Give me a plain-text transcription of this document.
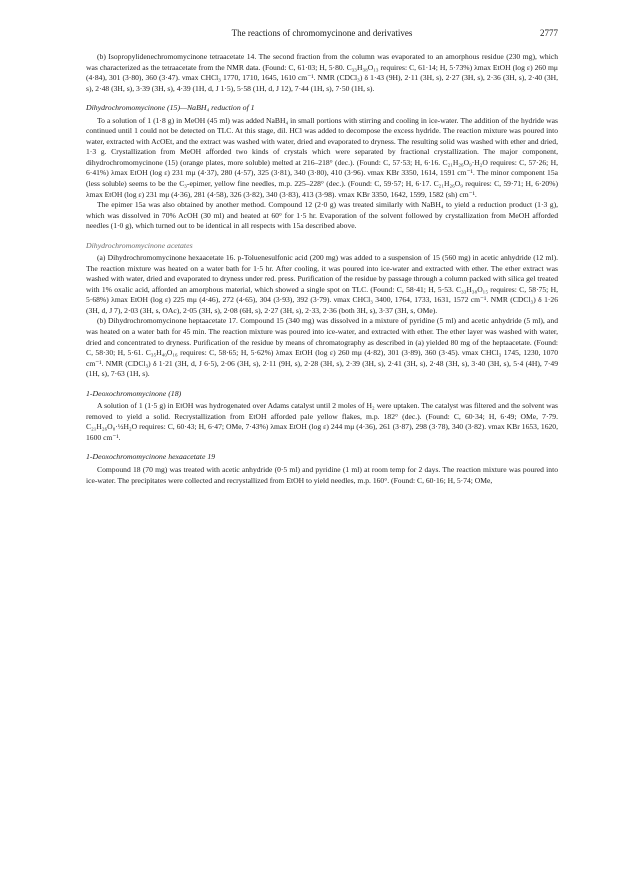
The reactions of chromomycinone and derivatives	2777

(b) Isopropylidenechromomycinone tetraacetate 14. The second fraction from the column was evaporated to an amorphous residue (230 mg), which was characterized as the tetraacetate from the NMR data. (Found: C, 61·03; H, 5·80. C₃₃H₃₈O₁₃ requires: C, 61·14; H, 5·73%) λmax EtOH (log ε) 260 mμ (4·84), 301 (3·80), 360 (3·47). νmax CHCl₃ 1770, 1710, 1645, 1610 cm⁻¹. NMR (CDCl₃) δ 1·43 (9H), 2·11 (3H, s), 2·27 (3H, s), 2·36 (3H, s), 2·40 (3H, s), 2·48 (3H, s), 3·39 (3H, s), 4·39 (1H, d, J 1·5), 5·58 (1H, d, J 12), 7·44 (1H, s), 7·50 (1H, s).

Dihydrochromomycinone (15)—NaBH₄ reduction of 1

To a solution of 1 (1·8 g) in MeOH (45 ml) was added NaBH₄ in small portions with stirring and cooling in ice-water. The addition of the hydride was continued until 1 could not be detected on TLC. At this stage, dil. HCl was added to decompose the excess hydride. The reaction mixture was poured into water, extracted with AcOEt, and the extract was washed with water, dried and evaporated to dryness. The resulting solid was washed with ether and dried, 1·3 g. Crystallization from MeOH afforded two kinds of crystals which were separated by fractional crystallization. The major component, dihydrochromomycinone (15) (orange plates, more soluble) melted at 216–218° (dec.). (Found: C, 57·53; H, 6·16. C₂₁H₂₆O₉·H₂O requires: C, 57·26; H, 6·41%) λmax EtOH (log ε) 231 mμ (4·37), 280 (4·57), 325 (3·81), 340 (3·80), 410 (3·96). νmax KBr 3350, 1614, 1591 cm⁻¹. The minor component 15a (less soluble) seems to be the C₃-epimer, yellow fine needles, m.p. 225–228° (dec.). (Found: C, 59·57; H, 6·17. C₂₁H₂₆O₉ requires: C, 59·71; H, 6·20%) λmax EtOH (log ε) 231 mμ (4·36), 281 (4·58), 326 (3·82), 340 (3·83), 413 (3·98). νmax KBr 3350, 1642, 1599, 1582 (sh) cm⁻¹.

The epimer 15a was also obtained by another method. Compound 12 (2·0 g) was treated similarly with NaBH₄ to yield a reduction product (1·3 g), which was dissolved in 70% AcOH (30 ml) and heated at 60° for 1·5 hr. Evaporation of the solvent followed by crystallization from MeOH afforded needles (1·0 g), which turned out to be identical in all respects with 15a described above.

Dihydrochromomycinone acetates

(a) Dihydrochromomycinone hexaacetate 16. p-Toluenesulfonic acid (200 mg) was added to a suspension of 15 (560 mg) in acetic anhydride (12 ml). The reaction mixture was heated on a water bath for 1·5 hr. After cooling, it was poured into ice-water and extracted with ether. The ether extract was washed with water, dried and evaporated to dryness under red. press. Purification of the residue by passage through a column packed with silica gel treated with 1% oxalic acid, afforded an amorphous material, which showed a single spot on TLC. (Found: C, 58·41; H, 5·53. C₃₃H₃₈O₁₅ requires: C, 58·75; H, 5·68%) λmax EtOH (log ε) 225 mμ (4·46), 272 (4·65), 304 (3·93), 392 (3·79). νmax CHCl₃ 3400, 1764, 1733, 1631, 1572 cm⁻¹. NMR (CDCl₃) δ 1·26 (3H, d, J 7), 2·03 (3H, s, OAc), 2·05 (3H, s), 2·08 (6H, s), 2·27 (3H, s), 2·33, 2·36 (both 3H, s), 3·37 (3H, s, OMe).

(b) Dihydrochromomycinone heptaacetate 17. Compound 15 (340 mg) was dissolved in a mixture of pyridine (5 ml) and acetic anhydride (5 ml), and was heated on a water bath for 45 min. The reaction mixture was poured into ice-water, and extracted with ether. The ether layer was washed with water, dried and concentrated to dryness. Purification of the residue by means of chromatography as described in (a) yielded 80 mg of the heptaacetate. (Found: C, 58·30; H, 5·61. C₃₅H₄₀O₁₆ requires: C, 58·65; H, 5·62%) λmax EtOH (log ε) 260 mμ (4·82), 301 (3·89), 360 (3·45). νmax CHCl₃ 1745, 1230, 1070 cm⁻¹. NMR (CDCl₃) δ 1·21 (3H, d, J 6·5), 2·06 (3H, s), 2·11 (9H, s), 2·28 (3H, s), 2·39 (3H, s), 2·41 (3H, s), 2·48 (3H, s), 3·40 (3H, s), 5·4 (4H), 7·49 (1H, s), 7·63 (1H, s).

1-Deoxochromomycinone (18)

A solution of 1 (1·5 g) in EtOH was hydrogenated over Adams catalyst until 2 moles of H₂ were uptaken. The catalyst was filtered and the solvent was removed to yield a solid. Recrystallization from EtOH afforded pale yellow flakes, m.p. 182° (dec.). (Found: C, 60·34; H, 6·49; OMe, 7·79. C₂₁H₂₆O₈·½H₂O requires: C, 60·43; H, 6·47; OMe, 7·43%) λmax EtOH (log ε) 244 mμ (4·36), 261 (3·87), 298 (3·78), 340 (3·82). νmax KBr 1653, 1620, 1600 cm⁻¹.

1-Deoxochromomycinone hexaacetate 19

Compound 18 (70 mg) was treated with acetic anhydride (0·5 ml) and pyridine (1 ml) at room temp for 2 days. The reaction mixture was poured into ice-water. The precipitates were collected and recrystallized from EtOH to yield needles, m.p. 160°. (Found: C, 60·16; H, 5·74; OMe,
